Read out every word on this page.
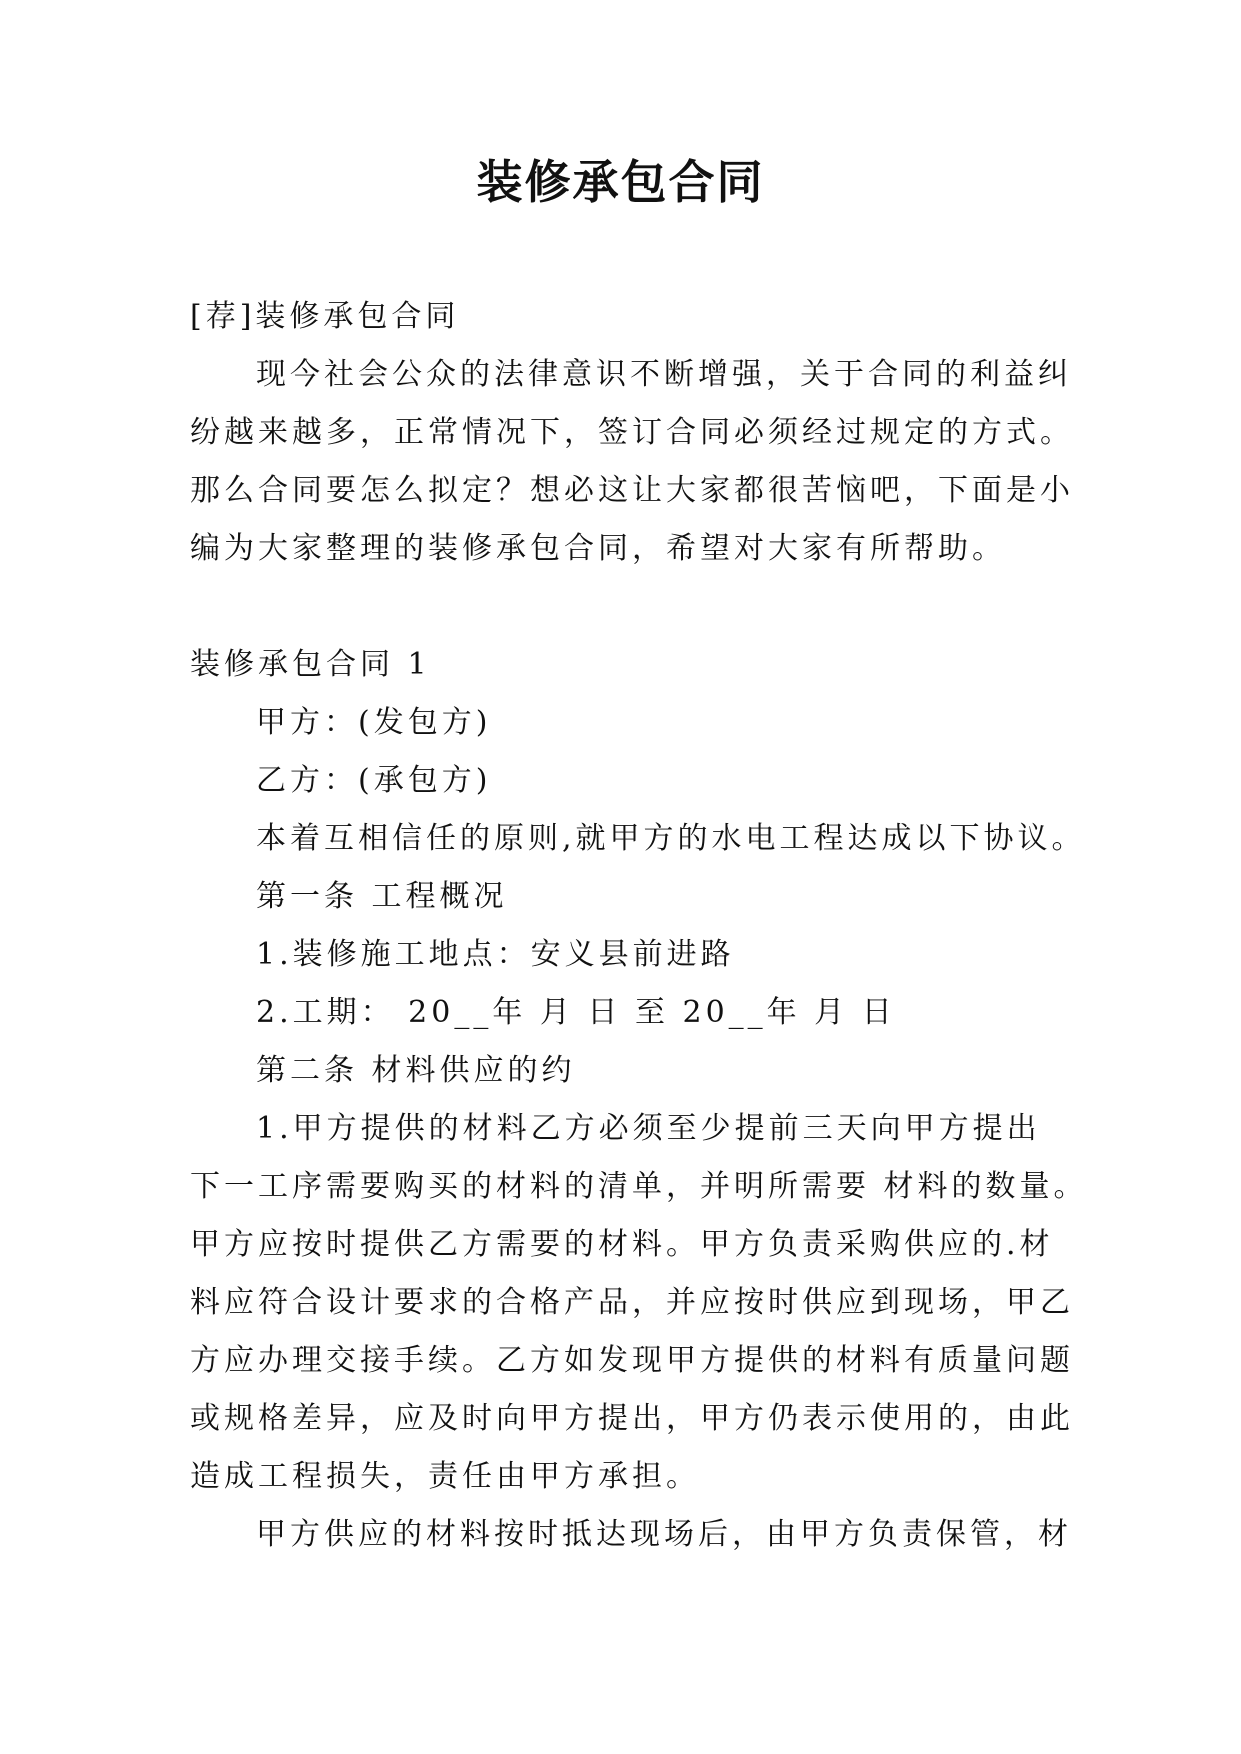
装修承包合同
[荐]装修承包合同
现今社会公众的法律意识不断增强，关于合同的利益纠
纷越来越多，正常情况下，签订合同必须经过规定的方式。
那么合同要怎么拟定？想必这让大家都很苦恼吧，下面是小
编为大家整理的装修承包合同，希望对大家有所帮助。
装修承包合同 1
甲方：(发包方)
乙方：(承包方)
本着互相信任的原则,就甲方的水电工程达成以下协议。
第一条 工程概况
1.装修施工地点：安义县前进路
2.工期： 20__年 月 日 至 20__年 月 日
第二条 材料供应的约
1.甲方提供的材料乙方必须至少提前三天向甲方提出
下一工序需要购买的材料的清单，并明所需要 材料的数量。
甲方应按时提供乙方需要的材料。甲方负责采购供应的.材
料应符合设计要求的合格产品，并应按时供应到现场，甲乙
方应办理交接手续。乙方如发现甲方提供的材料有质量问题
或规格差异，应及时向甲方提出，甲方仍表示使用的，由此
造成工程损失，责任由甲方承担。
甲方供应的材料按时抵达现场后，由甲方负责保管，材
